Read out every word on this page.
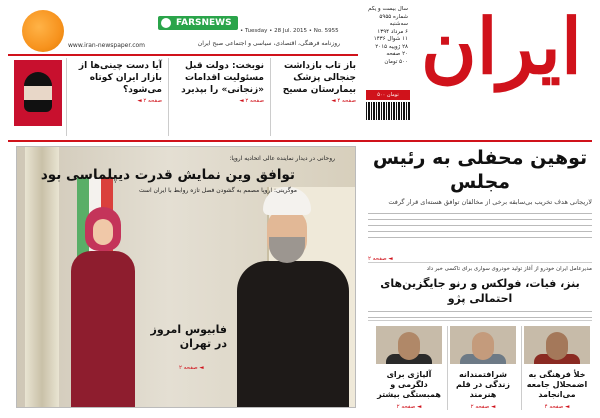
www.iran-newspaper.com
FARSNEWS
• Tuesday • 28 Jul. 2015 • No. 5955
روزنامه فرهنگی، اقتصادی، سیاسی و اجتماعی صبح ایران
سال بیست و یکم
شماره ۵۹۵۵
سه‌شنبه
۶ مرداد ۱۳۹۴
۱۱ شوال ۱۴۳۶
۲۸ ژوییه ۲۰۱۵
۲۰ صفحه
۵۰۰ تومان
۵۰۰ تومان
ایران
باز تاب بازداشت جنجالی پزشک بیمارستان مسیح
صفحه ۴ ◄
نوبخت: دولت قبل مسئولیت اقدامات «زنجانی» را بپذیرد
صفحه ۲ ◄
آیا دست چینی‌ها از بازار ایران کوتاه می‌شود؟
صفحه ۲ ◄
روحانی در دیدار نماینده عالی اتحادیه اروپا:
توافق وین نمایش قدرت دیپلماسی بود
موگرینی: اروپا مصمم به گشودن فصل تازه روابط با ایران است
فابیوس امروز در تهران
صفحه ۲ ◄
توهین محفلی به رئیس مجلس
لاریجانی هدف تخریب بی‌سابقه برخی از مخالفان توافق هسته‌ای قرار گرفت
صفحه ۲ ◄
مدیرعامل ایران خودرو از آغاز تولید خودروی سواری برای تاکسی خبر داد
بنز، فیات، فولکس و رنو جایگزین‌های احتمالی پژو
آلیاژی برای دلگرمی و همبستگی بیشتر
شرافتمندانه زندگی در قلم هنرمند
خلأ فرهنگی به اضمحلال جامعه می‌انجامد
صفحه ۲ ◄	صفحه ۲ ◄	صفحه ۴ ◄
